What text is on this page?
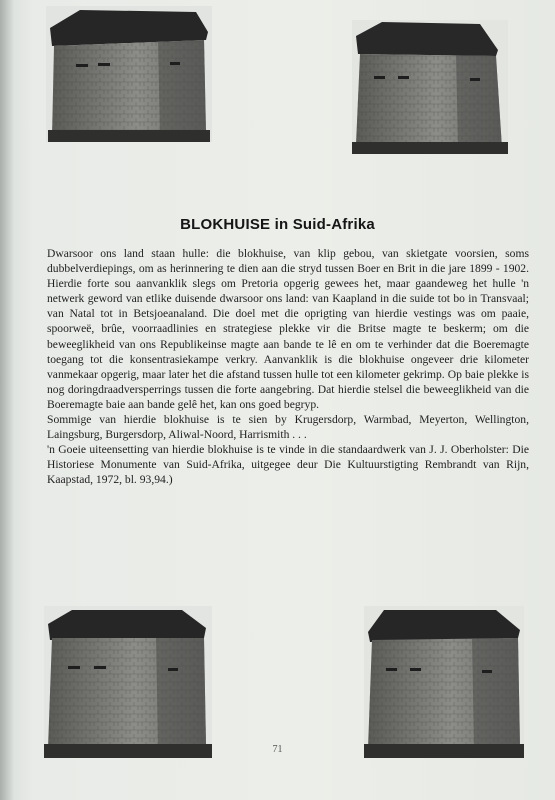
BLOKHUISE in Suid-Afrika

Dwarsoor ons land staan hulle: die blokhuise, van klip gebou, van skietgate voorsien, soms dubbelverdiepings, om as herinnering te dien aan die stryd tussen Boer en Brit in die jare 1899 - 1902. Hierdie forte sou aanvanklik slegs om Pretoria opgerig gewees het, maar gaandeweg het hulle 'n netwerk geword van etlike duisende dwarsoor ons land: van Kaapland in die suide tot bo in Transvaal; van Natal tot in Betsjoeanaland. Die doel met die oprigting van hierdie vestings was om paaie, spoorweë, brûe, voorraadlinies en strategiese plekke vir die Britse magte te beskerm; om die beweeglikheid van ons Republikeinse magte aan bande te lê en om te verhinder dat die Boeremagte toegang tot die konsentrasiekampe verkry. Aanvanklik is die blokhuise ongeveer drie kilometer vanmekaar opgerig, maar later het die afstand tussen hulle tot een kilometer gekrimp. Op baie plekke is nog doringdraadversperrings tussen die forte aangebring. Dat hierdie stelsel die beweeglikheid van die Boeremagte baie aan bande gelê het, kan ons goed begryp.

Sommige van hierdie blokhuise is te sien by Krugersdorp, Warmbad, Meyerton, Wellington, Laingsburg, Burgersdorp, Aliwal-Noord, Harrismith . . .

'n Goeie uiteensetting van hierdie blokhuise is te vinde in die standaardwerk van J. J. Oberholster: Die Historiese Monumente van Suid-Afrika, uitgegee deur Die Kultuurstigting Rembrandt van Rijn, Kaapstad, 1972, bl. 93,94.)

71
